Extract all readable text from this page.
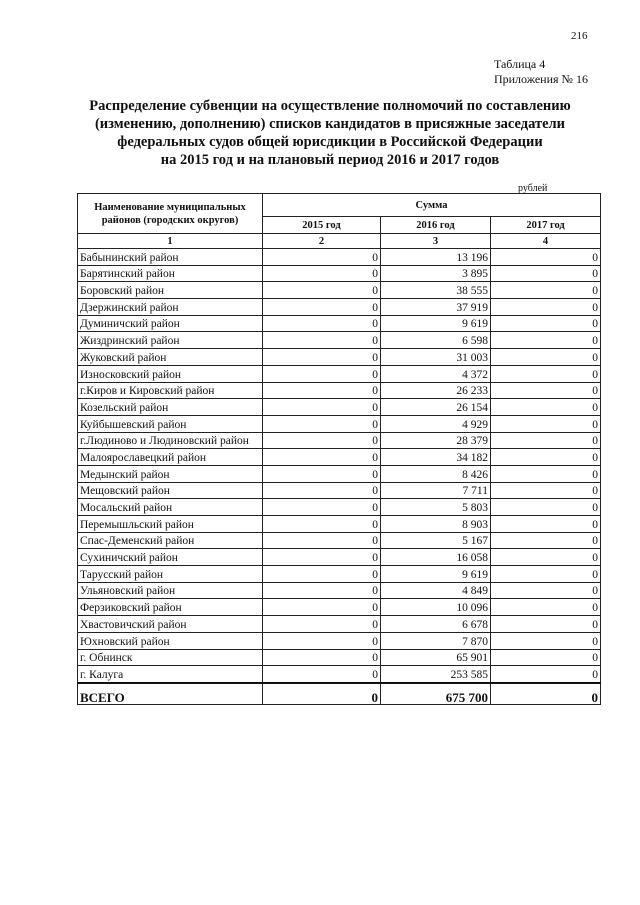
216
Таблица 4
Приложения № 16
Распределение субвенции на осуществление полномочий по составлению
(изменению, дополнению) списков кандидатов в присяжные заседатели
федеральных судов общей юрисдикции в Российской Федерации
на 2015 год и на плановый период 2016 и 2017 годов
рублей
Наименование муниципальных районов (городских округов)	Сумма		
	2015 год	2016 год	2017 год
1	2	3	4
Бабынинский район	0	13 196	0
Барятинский район	0	3 895	0
Боровский район	0	38 555	0
Дзержинский район	0	37 919	0
Думиничский район	0	9 619	0
Жиздринский район	0	6 598	0
Жуковский район	0	31 003	0
Износковский район	0	4 372	0
г.Киров и Кировский район	0	26 233	0
Козельский район	0	26 154	0
Куйбышевский район	0	4 929	0
г.Людиново и Людиновский район	0	28 379	0
Малоярославецкий район	0	34 182	0
Медынский район	0	8 426	0
Мещовский район	0	7 711	0
Мосальский район	0	5 803	0
Перемышльский район	0	8 903	0
Спас-Деменский район	0	5 167	0
Сухиничский район	0	16 058	0
Тарусский район	0	9 619	0
Ульяновский район	0	4 849	0
Ферзиковский район	0	10 096	0
Хвастовичский район	0	6 678	0
Юхновский район	0	7 870	0
г. Обнинск	0	65 901	0
г. Калуга	0	253 585	0
ВСЕГО	0	675 700	0
